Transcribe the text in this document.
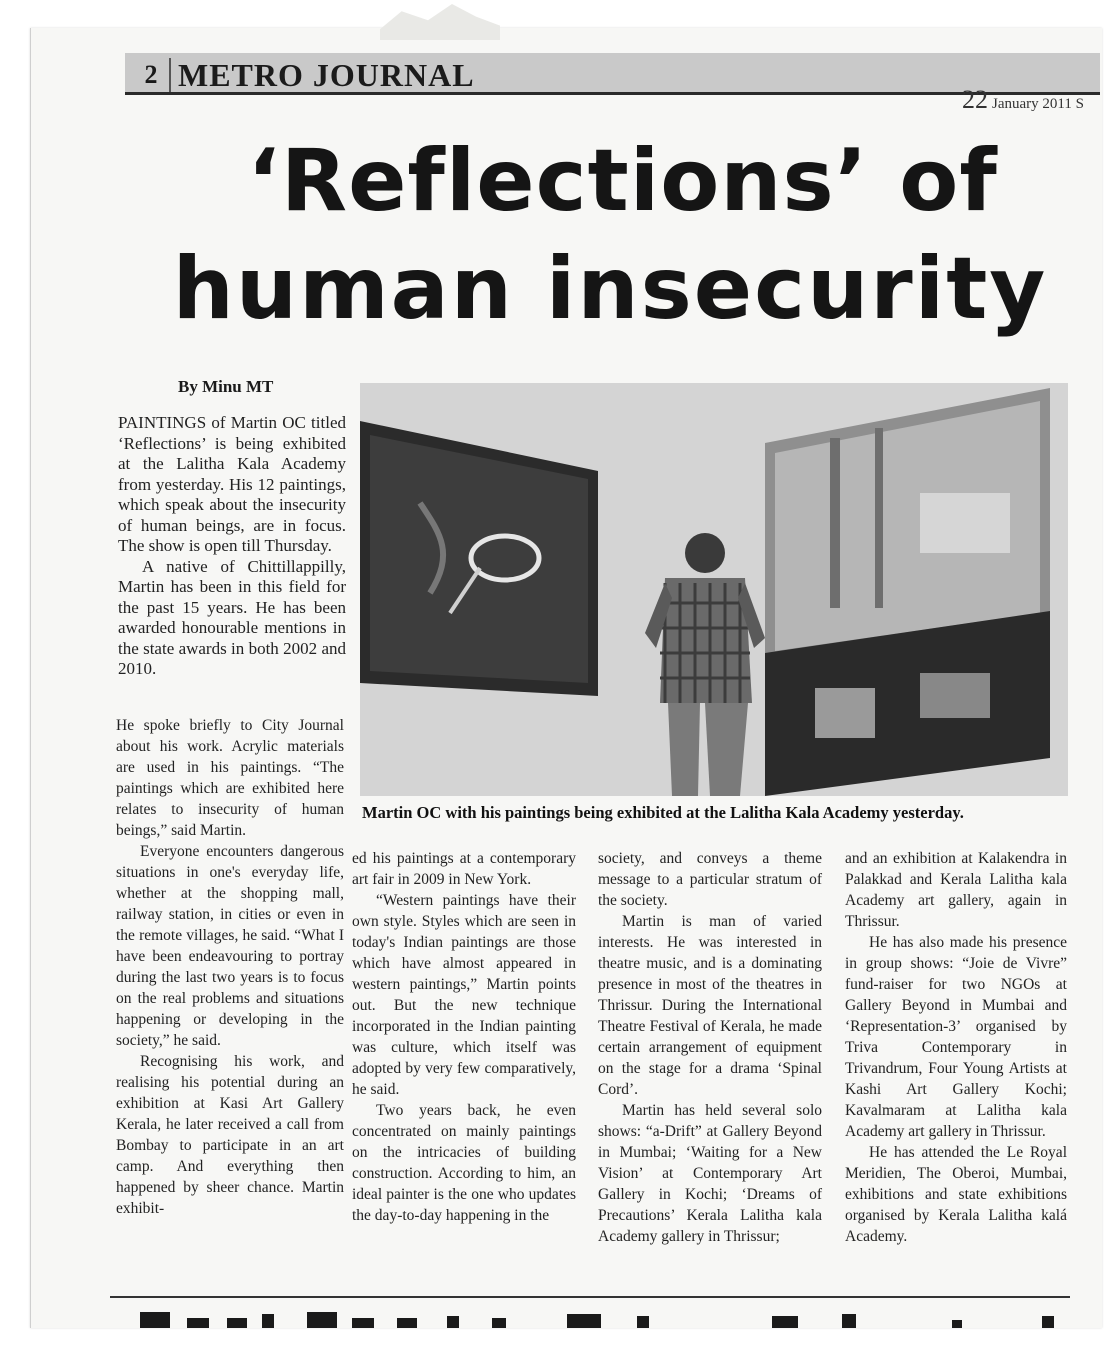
2 METRO JOURNAL
22 January 2011 S
‘Reflections’ of
human insecurity
By Minu MT

PAINTINGS of Martin OC titled ‘Reflections’ is being exhibited at the Lalitha Kala Academy from yesterday. His 12 paintings, which speak about the insecurity of human beings, are in focus. The show is open till Thursday.

A native of Chittillappilly, Martin has been in this field for the past 15 years. He has been awarded honourable mentions in the state awards in both 2002 and 2010.

He spoke briefly to City Journal about his work. Acrylic materials are used in his paintings. “The paintings which are exhibited here relates to insecurity of human beings,” said Martin.

Everyone encounters dangerous situations in one's everyday life, whether at the shopping mall, railway station, in cities or even in the remote villages, he said. “What I have been endeavouring to portray during the last two years is to focus on the real problems and situations happening or developing in the society,” he said.

Recognising his work, and realising his potential during an exhibition at Kasi Art Gallery Kerala, he later received a call from Bombay to participate in an art camp. And everything then happened by sheer chance. Martin exhibit-

Martin OC with his paintings being exhibited at the Lalitha Kala Academy yesterday.

ed his paintings at a contemporary art fair in 2009 in New York.

“Western paintings have their own style. Styles which are seen in today's Indian paintings are those which have almost appeared in western paintings,” Martin points out. But the new technique incorporated in the Indian painting was culture, which itself was adopted by very few comparatively, he said.

Two years back, he even concentrated on mainly paintings on the intricacies of building construction. According to him, an ideal painter is the one who updates the day-to-day happening in the

society, and conveys a theme message to a particular stratum of the society.

Martin is man of varied interests. He was interested in theatre music, and is a dominating presence in most of the theatres in Thrissur. During the International Theatre Festival of Kerala, he made certain arrangement of equipment on the stage for a drama ‘Spinal Cord’.

Martin has held several solo shows: “a-Drift” at Gallery Beyond in Mumbai; ‘Waiting for a New Vision’ at Contemporary Art Gallery in Kochi; ‘Dreams of Precautions’ Kerala Lalitha kala Academy gallery in Thrissur;

and an exhibition at Kalakendra in Palakkad and Kerala Lalitha kala Academy art gallery, again in Thrissur.

He has also made his presence in group shows: “Joie de Vivre” fund-raiser for two NGOs at Gallery Beyond in Mumbai and ‘Representation-3’ organised by Triva Contemporary in Trivandrum, Four Young Artists at Kashi Art Gallery Kochi; Kavalmaram at Lalitha kala Academy art gallery in Thrissur.

He has attended the Le Royal Meridien, The Oberoi, Mumbai, exhibitions and state exhibitions organised by Kerala Lalitha kalá Academy.
